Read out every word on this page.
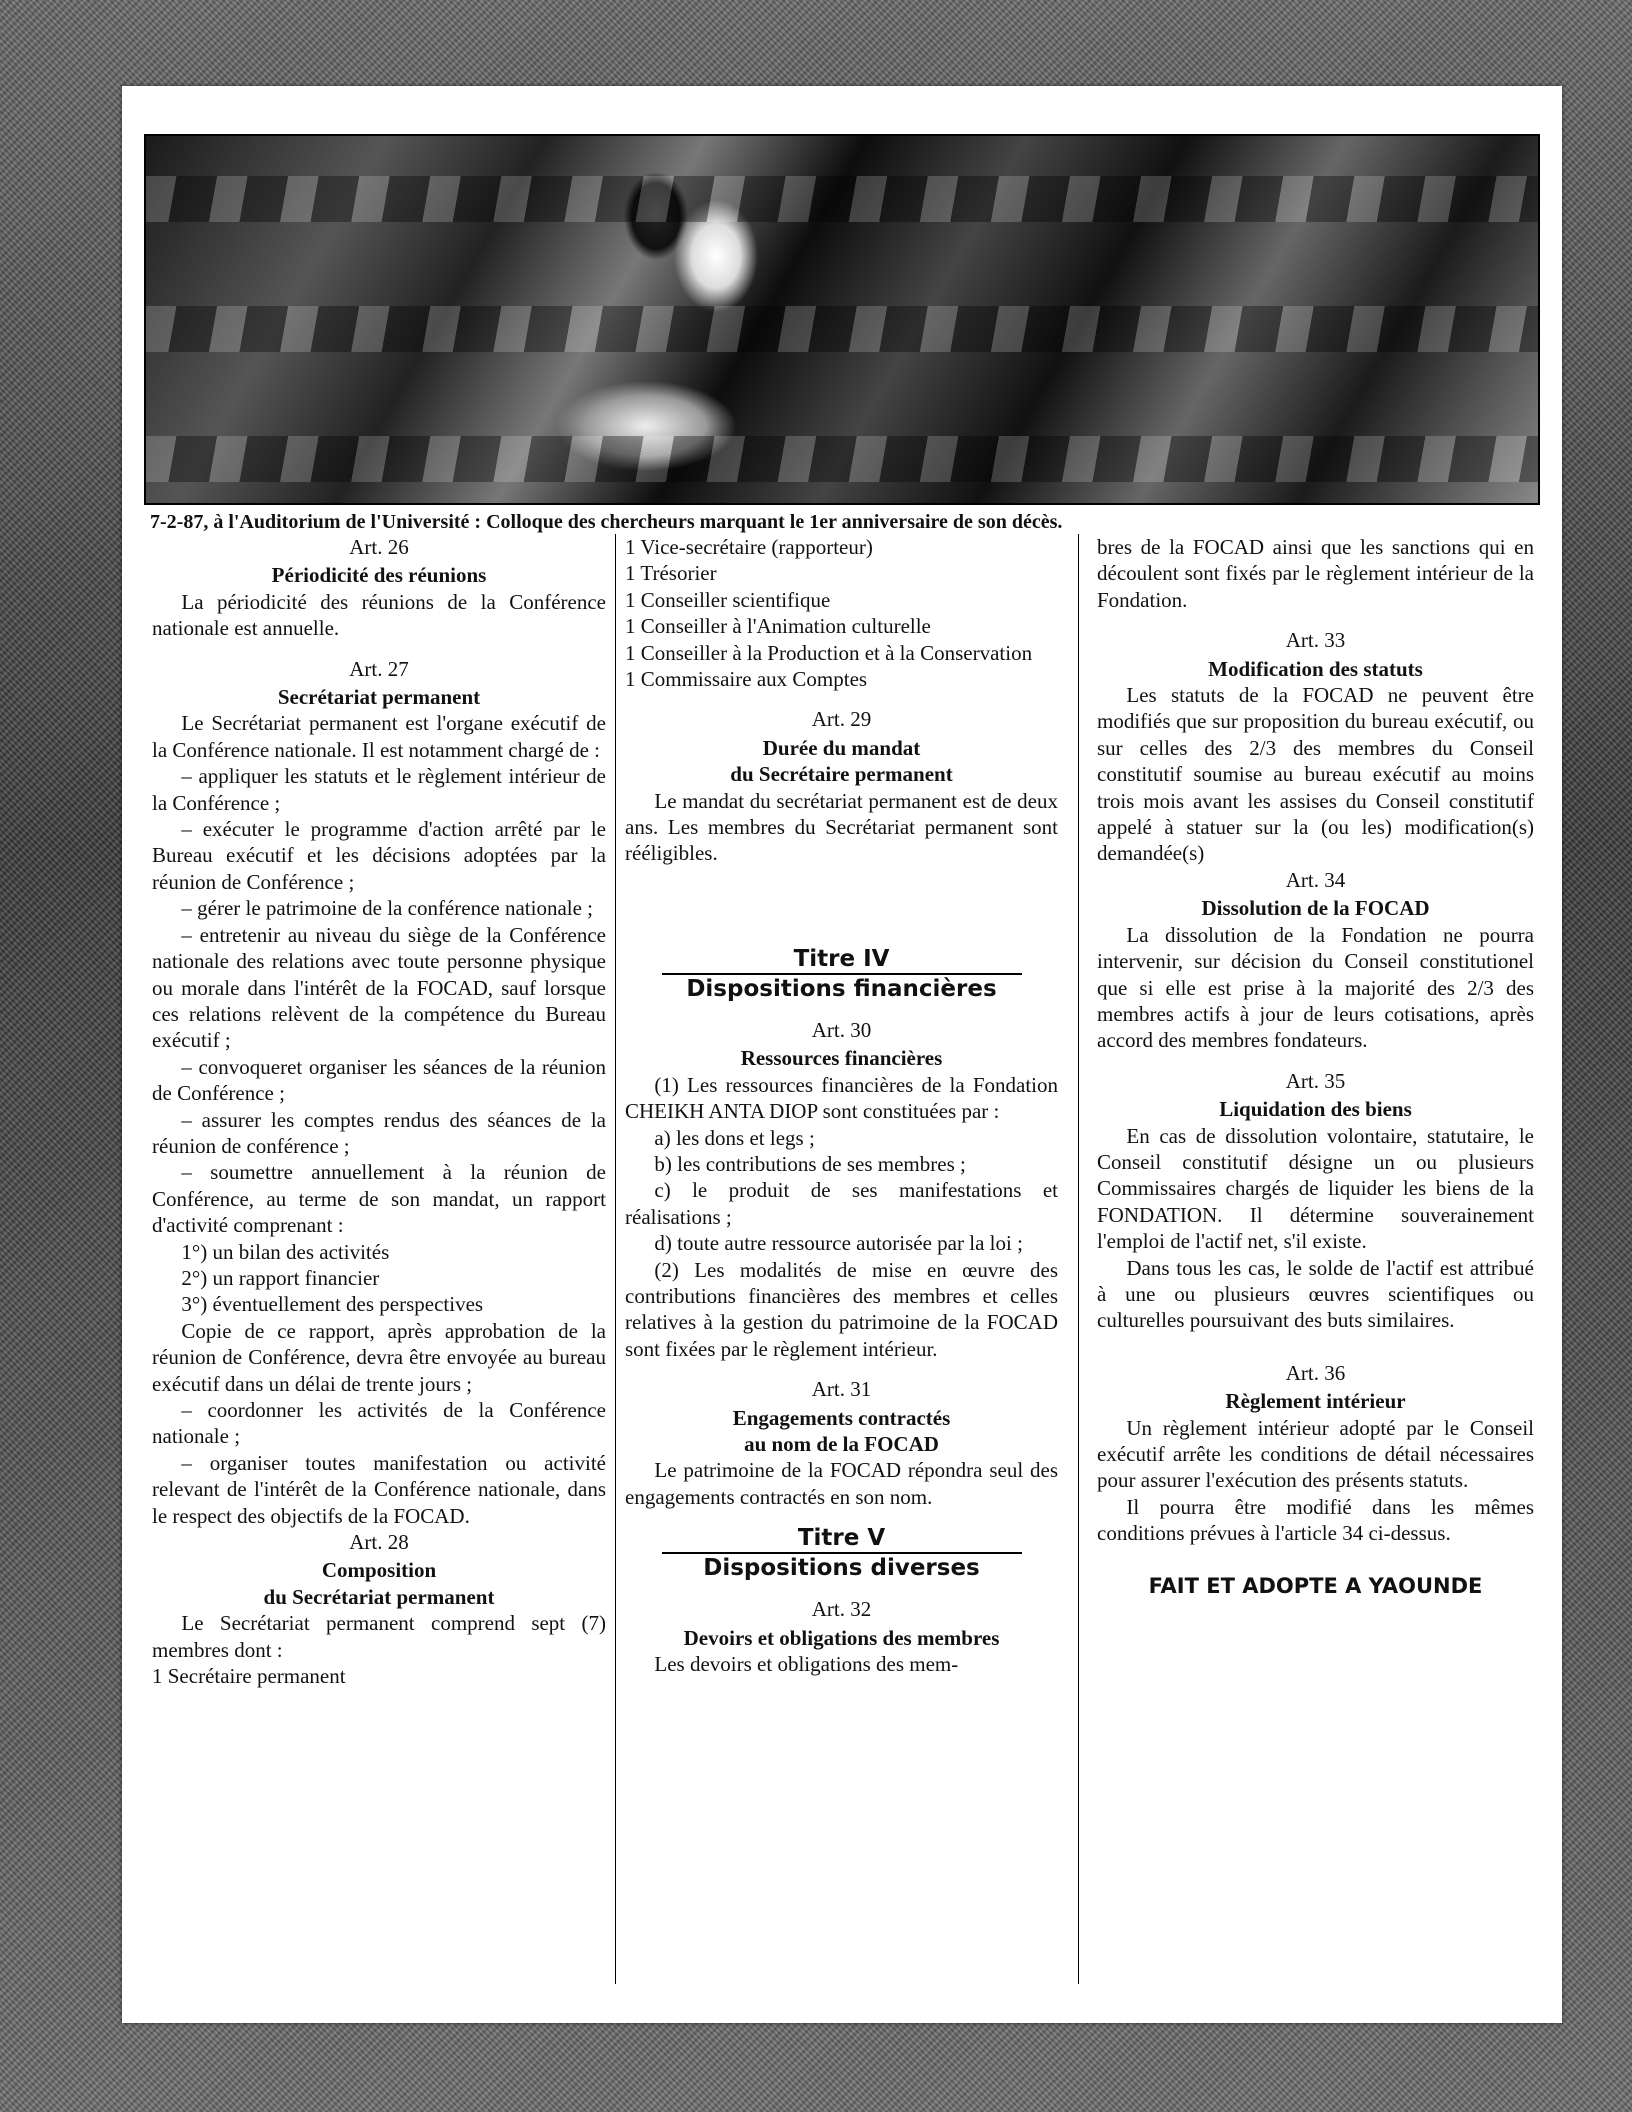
7-2-87, à l'Auditorium de l'Université : Colloque des chercheurs marquant le 1er anniversaire de son décès.

Art. 26

Périodicité des réunions

La périodicité des réunions de la Conférence nationale est annuelle.

Art. 27

Secrétariat permanent

Le Secrétariat permanent est l'organe exécutif de la Conférence nationale. Il est notamment chargé de :

– appliquer les statuts et le règlement intérieur de la Conférence ;

– exécuter le programme d'action arrêté par le Bureau exécutif et les décisions adoptées par la réunion de Conférence ;

– gérer le patrimoine de la conférence nationale ;

– entretenir au niveau du siège de la Conférence nationale des relations avec toute personne physique ou morale dans l'intérêt de la FOCAD, sauf lorsque ces relations relèvent de la compétence du Bureau exécutif ;

– convoqueret organiser les séances de la réunion de Conférence ;

– assurer les comptes rendus des séances de la réunion de conférence ;

– soumettre annuellement à la réunion de Conférence, au terme de son mandat, un rapport d'activité comprenant :

1°) un bilan des activités

2°) un rapport financier

3°) éventuellement des perspectives

Copie de ce rapport, après approbation de la réunion de Conférence, devra être envoyée au bureau exécutif dans un délai de trente jours ;

– coordonner les activités de la Conférence nationale ;

– organiser toutes manifestation ou activité relevant de l'intérêt de la Conférence nationale, dans le respect des objectifs de la FOCAD.

Art. 28

Composition

du Secrétariat permanent

Le Secrétariat permanent comprend sept (7) membres dont :

1 Secrétaire permanent

1 Vice-secrétaire (rapporteur)

1 Trésorier

1 Conseiller scientifique

1 Conseiller à l'Animation culturelle

1 Conseiller à la Production et à la Conservation

1 Commissaire aux Comptes

Art. 29

Durée du mandat

du Secrétaire permanent

Le mandat du secrétariat permanent est de deux ans. Les membres du Secrétariat permanent sont rééligibles.

Titre IV

Dispositions financières

Art. 30

Ressources financières

(1) Les ressources financières de la Fondation CHEIKH ANTA DIOP sont constituées par :

a) les dons et legs ;

b) les contributions de ses membres ;

c) le produit de ses manifestations et réalisations ;

d) toute autre ressource autorisée par la loi ;

(2) Les modalités de mise en œuvre des contributions financières des membres et celles relatives à la gestion du patrimoine de la FOCAD sont fixées par le règlement intérieur.

Art. 31

Engagements contractés

au nom de la FOCAD

Le patrimoine de la FOCAD répondra seul des engagements contractés en son nom.

Titre V

Dispositions diverses

Art. 32

Devoirs et obligations des membres

Les devoirs et obligations des mem-

bres de la FOCAD ainsi que les sanctions qui en découlent sont fixés par le règlement intérieur de la Fondation.

Art. 33

Modification des statuts

Les statuts de la FOCAD ne peuvent être modifiés que sur proposition du bureau exécutif, ou sur celles des 2/3 des membres du Conseil constitutif soumise au bureau exécutif au moins trois mois avant les assises du Conseil constitutif appelé à statuer sur la (ou les) modification(s) demandée(s)

Art. 34

Dissolution de la FOCAD

La dissolution de la Fondation ne pourra intervenir, sur décision du Conseil constitutionel que si elle est prise à la majorité des 2/3 des membres actifs à jour de leurs cotisations, après accord des membres fondateurs.

Art. 35

Liquidation des biens

En cas de dissolution volontaire, statutaire, le Conseil constitutif désigne un ou plusieurs Commissaires chargés de liquider les biens de la FONDATION. Il détermine souverainement l'emploi de l'actif net, s'il existe.

Dans tous les cas, le solde de l'actif est attribué à une ou plusieurs œuvres scientifiques ou culturelles poursuivant des buts similaires.

Art. 36

Règlement intérieur

Un règlement intérieur adopté par le Conseil exécutif arrête les conditions de détail nécessaires pour assurer l'exécution des présents statuts.

Il pourra être modifié dans les mêmes conditions prévues à l'article 34 ci-dessus.

FAIT ET ADOPTE A YAOUNDE
